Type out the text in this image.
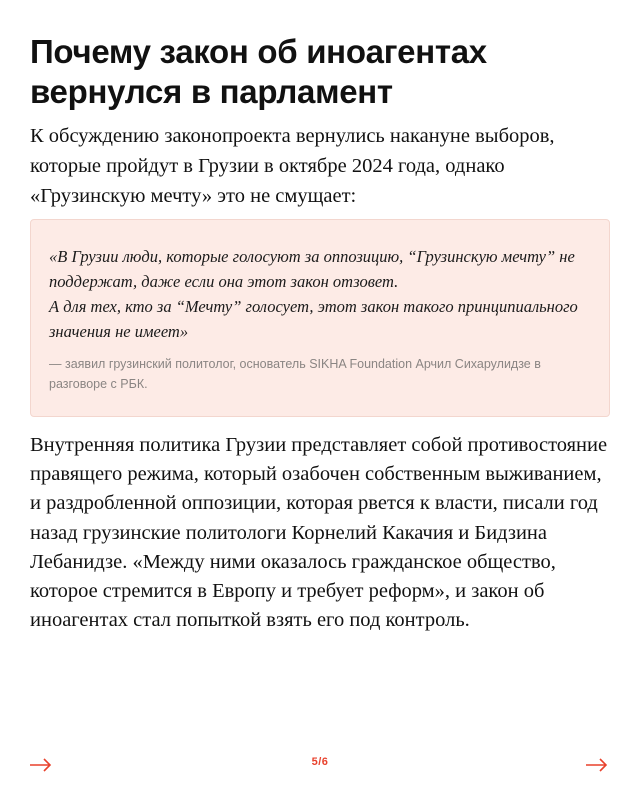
Почему закон об иноагентах вернулся в парламент

К обсуждению законопроекта вернулись накануне выборов, которые пройдут в Грузии в октябре 2024 года, однако «Грузинскую мечту» это не смущает:

«В Грузии люди, которые голосуют за оппозицию, “Грузинскую мечту” не поддержат, даже если она этот закон отзовет.
А для тех, кто за “Мечту” голосует, этот закон такого принципиального значения не имеет»

— заявил грузинский политолог, основатель SIKHA Foundation Арчил Сихарулидзе в разговоре с РБК.

Внутренняя политика Грузии представляет собой противостояние правящего режима, который озабочен собственным выживанием, и раздробленной оппозиции, которая рвется к власти, писали год назад грузинские политологи Корнелий Какачия и Бидзина Лебанидзе. «Между ними оказалось гражданское общество, которое стремится в Европу и требует реформ», и закон об иноагентах стал попыткой взять его под контроль.

5/6
